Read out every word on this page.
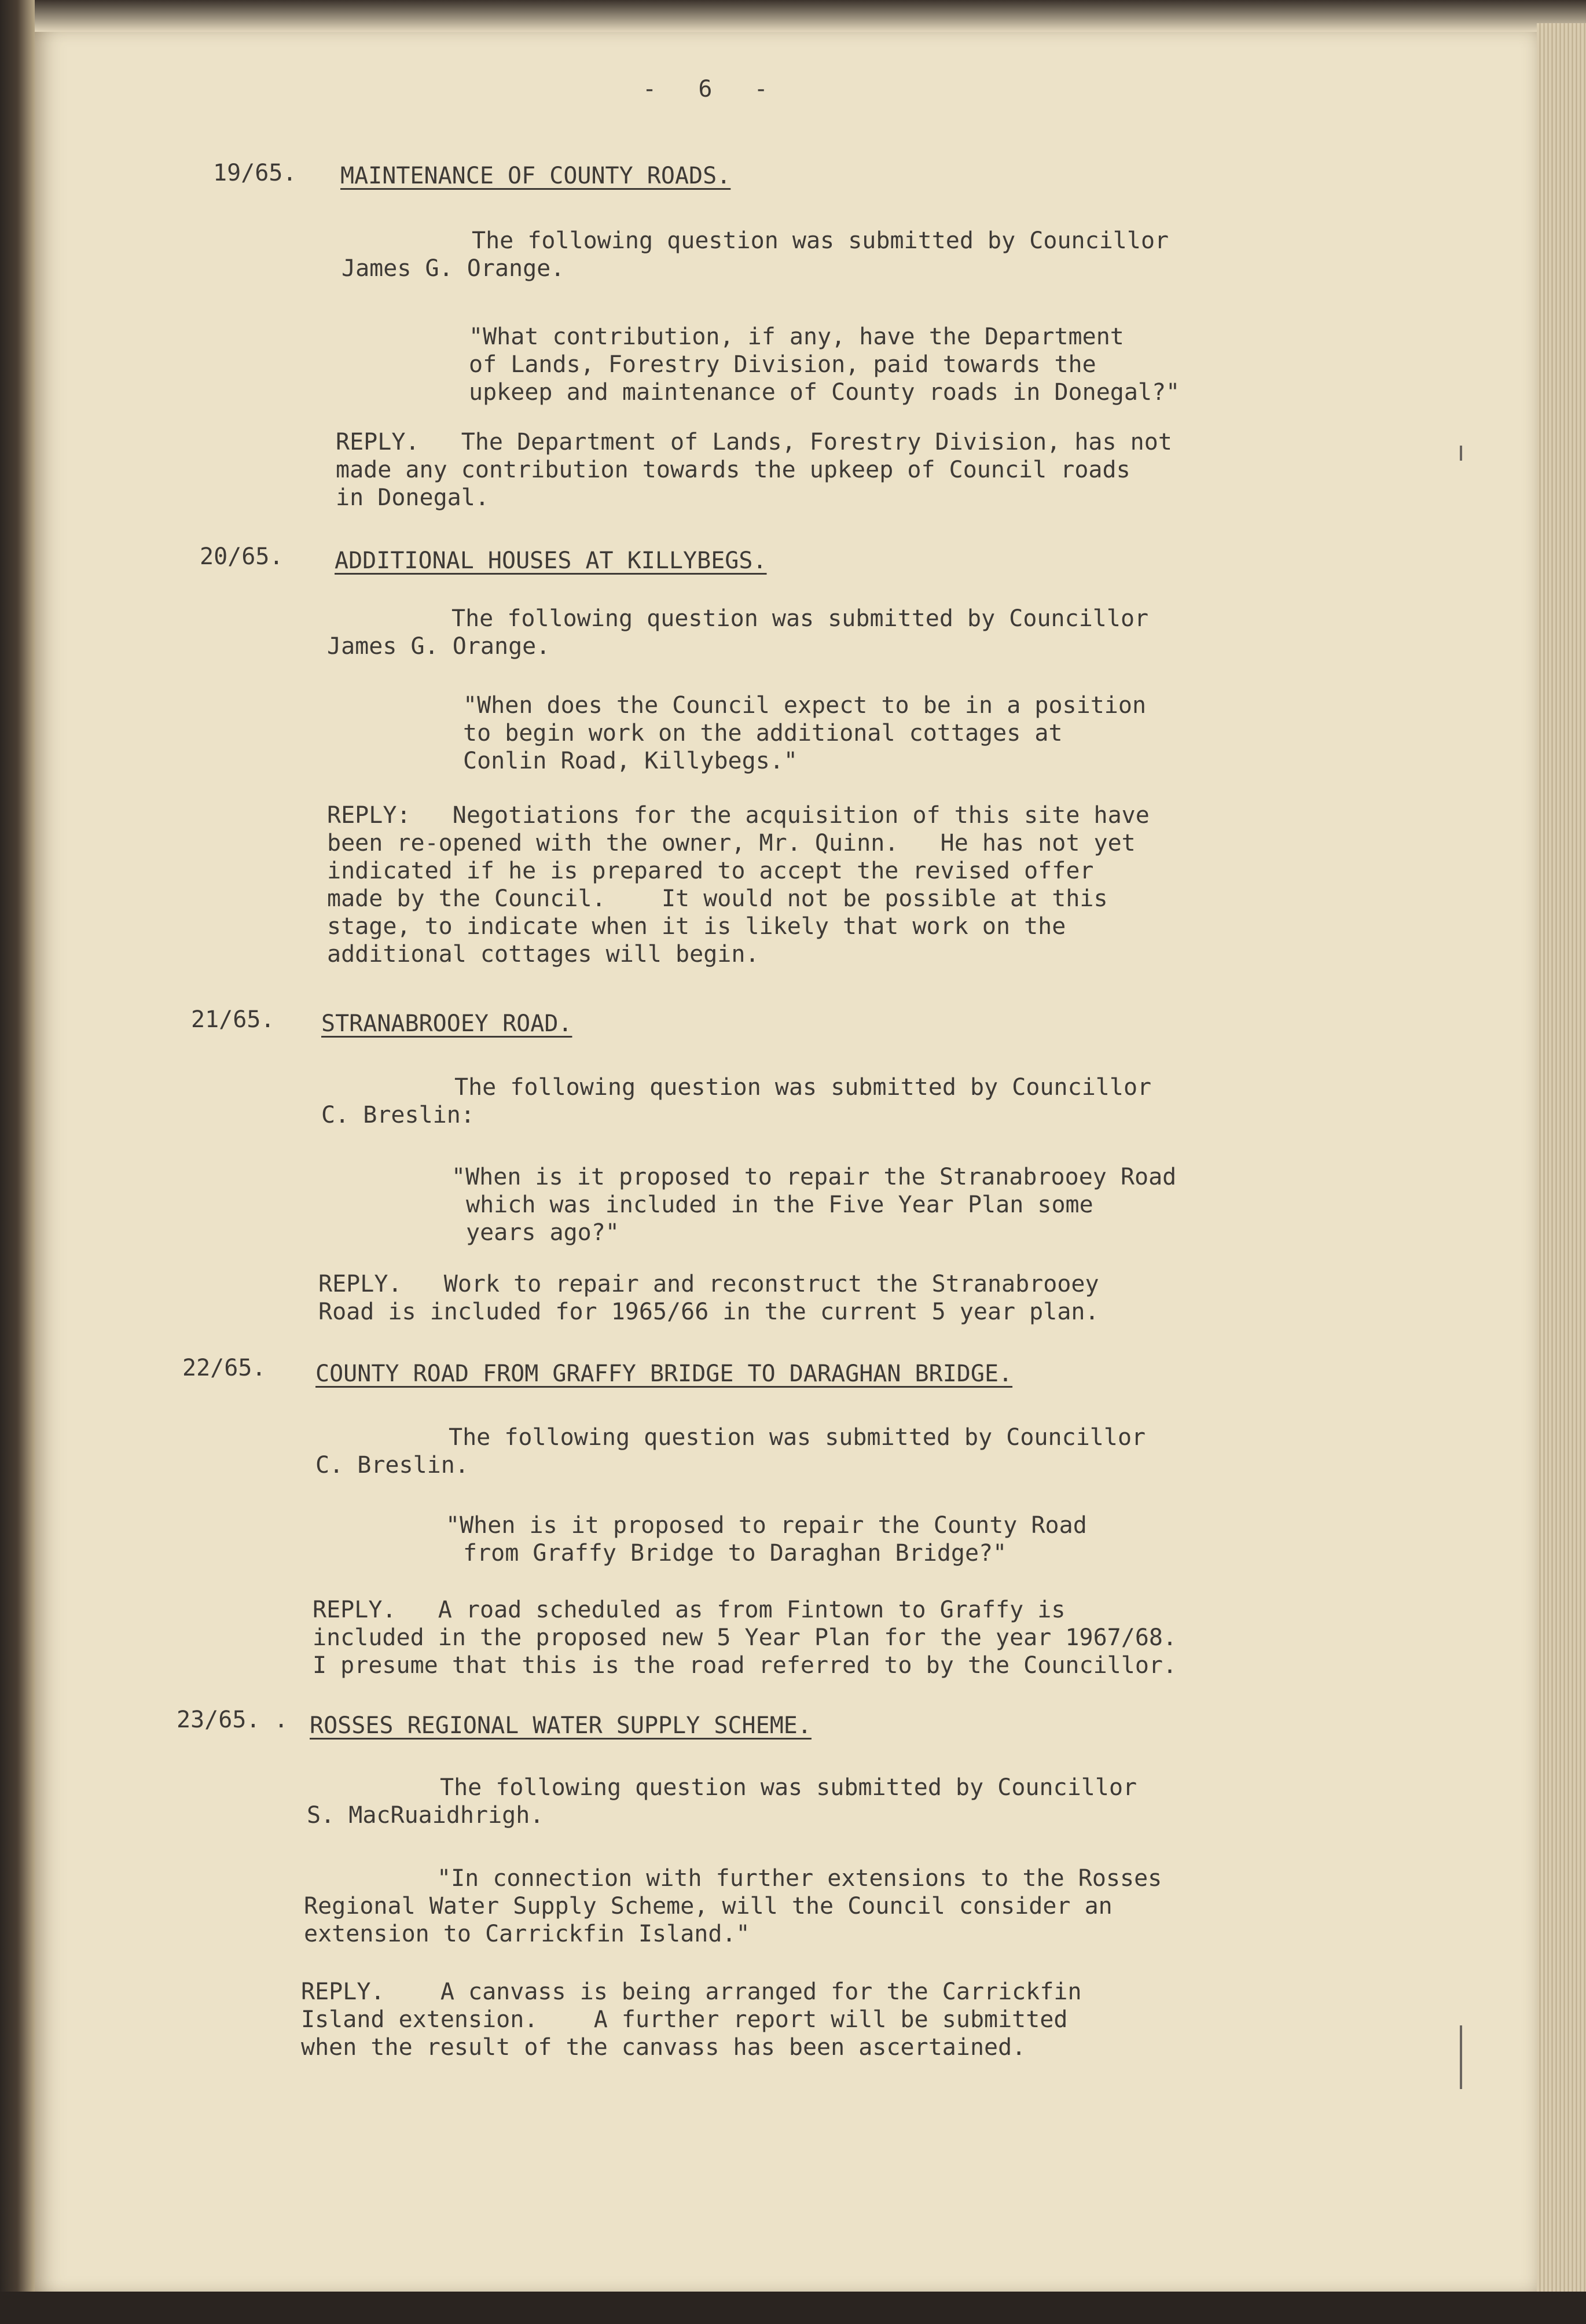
-   6   -

19/65. MAINTENANCE OF COUNTY ROADS.

The following question was submitted by Councillor

James G. Orange.

"What contribution, if any, have the Department

of Lands, Forestry Division, paid towards the

upkeep and maintenance of County roads in Donegal?"

REPLY.   The Department of Lands, Forestry Division, has not

made any contribution towards the upkeep of Council roads

in Donegal.

20/65. ADDITIONAL HOUSES AT KILLYBEGS.

The following question was submitted by Councillor

James G. Orange.

"When does the Council expect to be in a position

to begin work on the additional cottages at

Conlin Road, Killybegs."

REPLY:   Negotiations for the acquisition of this site have

been re-opened with the owner, Mr. Quinn.   He has not yet

indicated if he is prepared to accept the revised offer

made by the Council.    It would not be possible at this

stage, to indicate when it is likely that work on the

additional cottages will begin.

21/65. STRANABROOEY ROAD.

The following question was submitted by Councillor

C. Breslin:

"When is it proposed to repair the Stranabrooey Road

which was included in the Five Year Plan some

years ago?"

REPLY.   Work to repair and reconstruct the Stranabrooey

Road is included for 1965/66 in the current 5 year plan.

22/65. COUNTY ROAD FROM GRAFFY BRIDGE TO DARAGHAN BRIDGE.

The following question was submitted by Councillor

C. Breslin.

"When is it proposed to repair the County Road

from Graffy Bridge to Daraghan Bridge?"

REPLY.   A road scheduled as from Fintown to Graffy is

included in the proposed new 5 Year Plan for the year 1967/68.

I presume that this is the road referred to by the Councillor.

23/65. . ROSSES REGIONAL WATER SUPPLY SCHEME.

The following question was submitted by Councillor

S. MacRuaidhrigh.

"In connection with further extensions to the Rosses

Regional Water Supply Scheme, will the Council consider an

extension to Carrickfin Island."

REPLY.    A canvass is being arranged for the Carrickfin

Island extension.    A further report will be submitted

when the result of the canvass has been ascertained.
